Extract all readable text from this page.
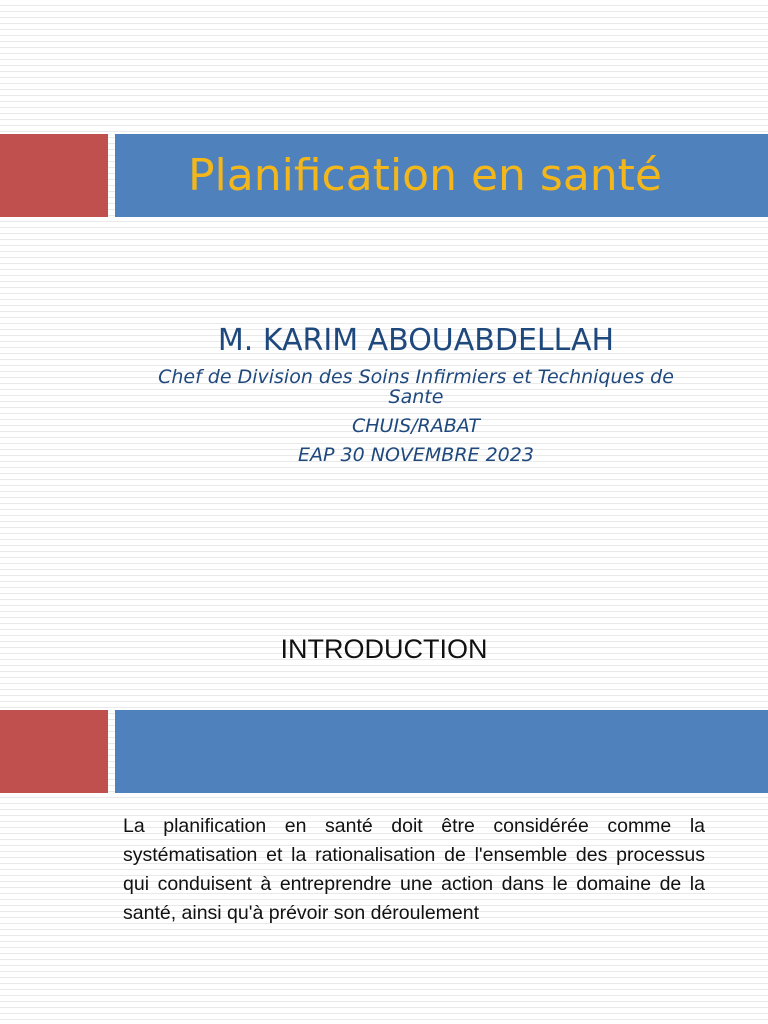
Planification en santé
M. KARIM ABOUABDELLAH
Chef de Division des Soins Infirmiers et Techniques de
Sante
CHUIS/RABAT
EAP 30 NOVEMBRE 2023
INTRODUCTION

La planification en santé doit être considérée comme la systématisation et la rationalisation de l'ensemble des processus qui conduisent à entreprendre une action dans le domaine de la santé, ainsi qu'à prévoir son déroulement
